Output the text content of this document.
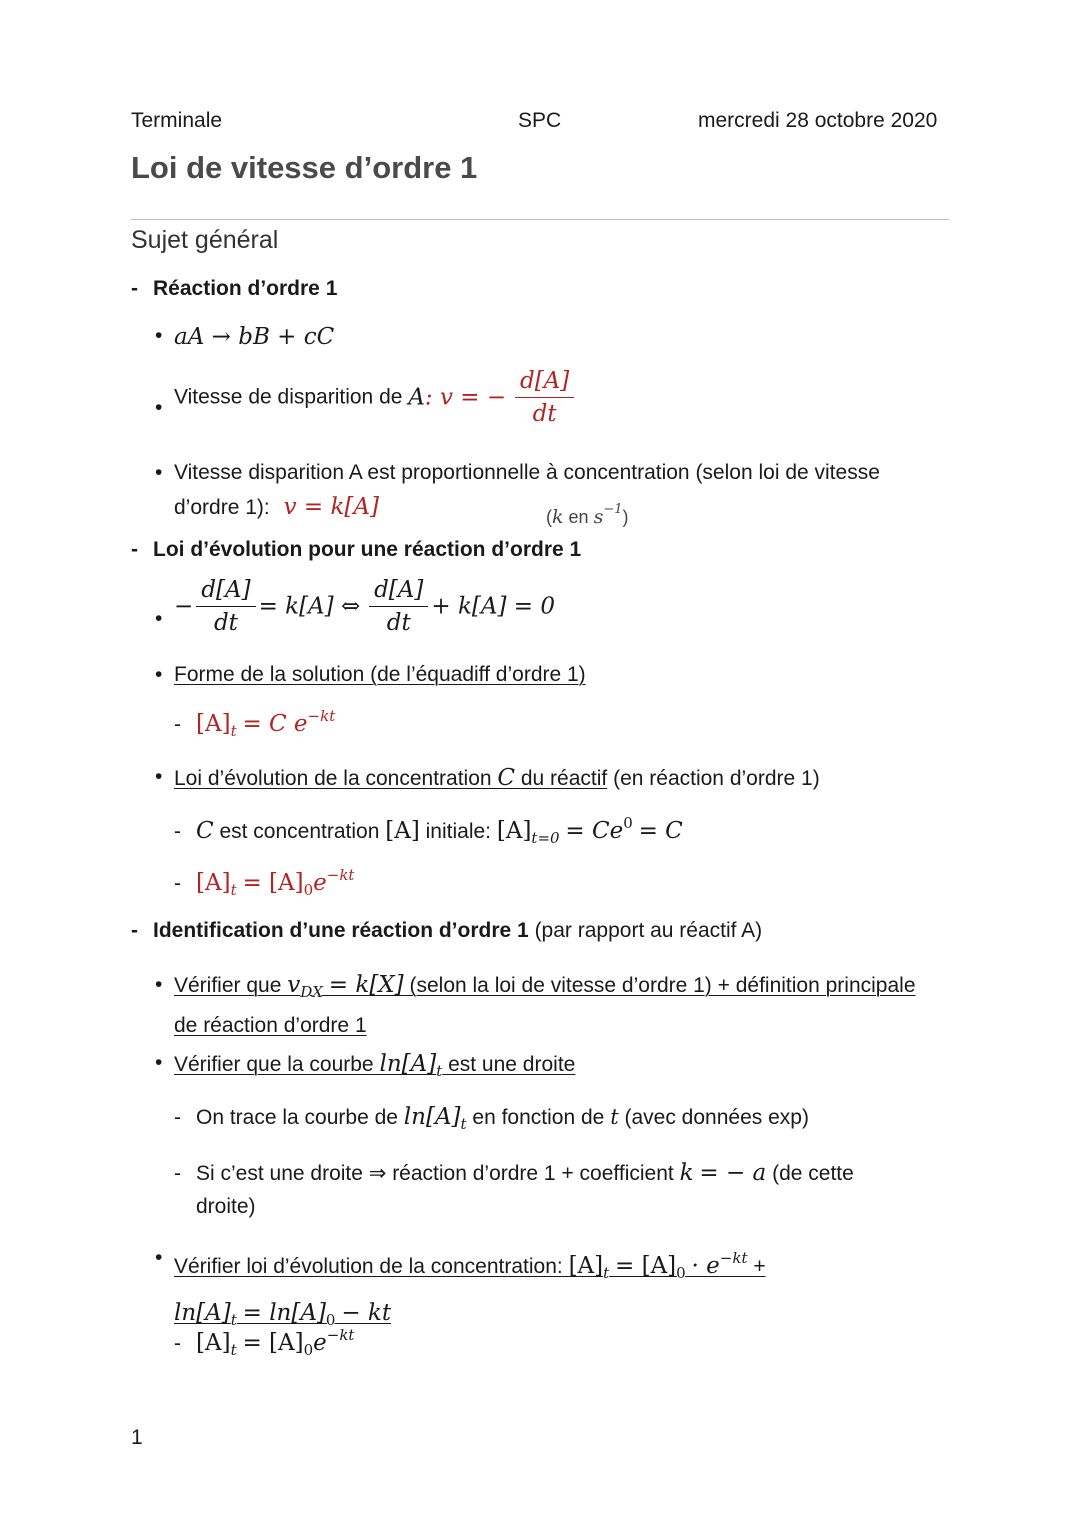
Terminale	SPC	mercredi 28 octobre 2020
Loi de vitesse d’ordre 1
Sujet général
- Réaction d’ordre 1
• aA → bB + cC
• Vitesse de disparition de A: v = − $\frac{d[A]}{dt}$
• Vitesse disparition A est proportionnelle à concentration (selon loi de vitesse
d’ordre 1): v = k[A]	(k en $s^{-1}$)
- Loi d’évolution pour une réaction d’ordre 1
• − $\frac{d[A]}{dt} = k[A]$ ⇔ $\frac{d[A]}{dt} + k[A] = 0$
• Forme de la solution (de l’équadiff d’ordre 1)
- $[A]_t = C$ $e^{-kt}$
• Loi d’évolution de la concentration C du réactif (en réaction d’ordre 1)
- C est concentration [A] initiale: $[A]_{t=0} = Ce^0 = C$
- $[A]_t = [A]_0e^{-kt}$
- Identification d’une réaction d’ordre 1 (par rapport au réactif A)
• Vérifier que $v_{DX} = k[X]$ (selon la loi de vitesse d’ordre 1) + définition principale
de réaction d’ordre 1
• Vérifier que la courbe $\ln[A]_t$ est une droite
- On trace la courbe de $\ln[A]_t$ en fonction de t (avec données exp)
- Si c’est une droite ⇒ réaction d’ordre 1 + coefficient k = − a (de cette
droite)
• Vérifier loi d’évolution de la concentration: $[A]_t = [A]_0 \cdot e^{-kt}$ +
$\ln[A]_t = \ln[A]_0$ − kt
- $[A]_t = [A]_0e^{-kt}$
1
